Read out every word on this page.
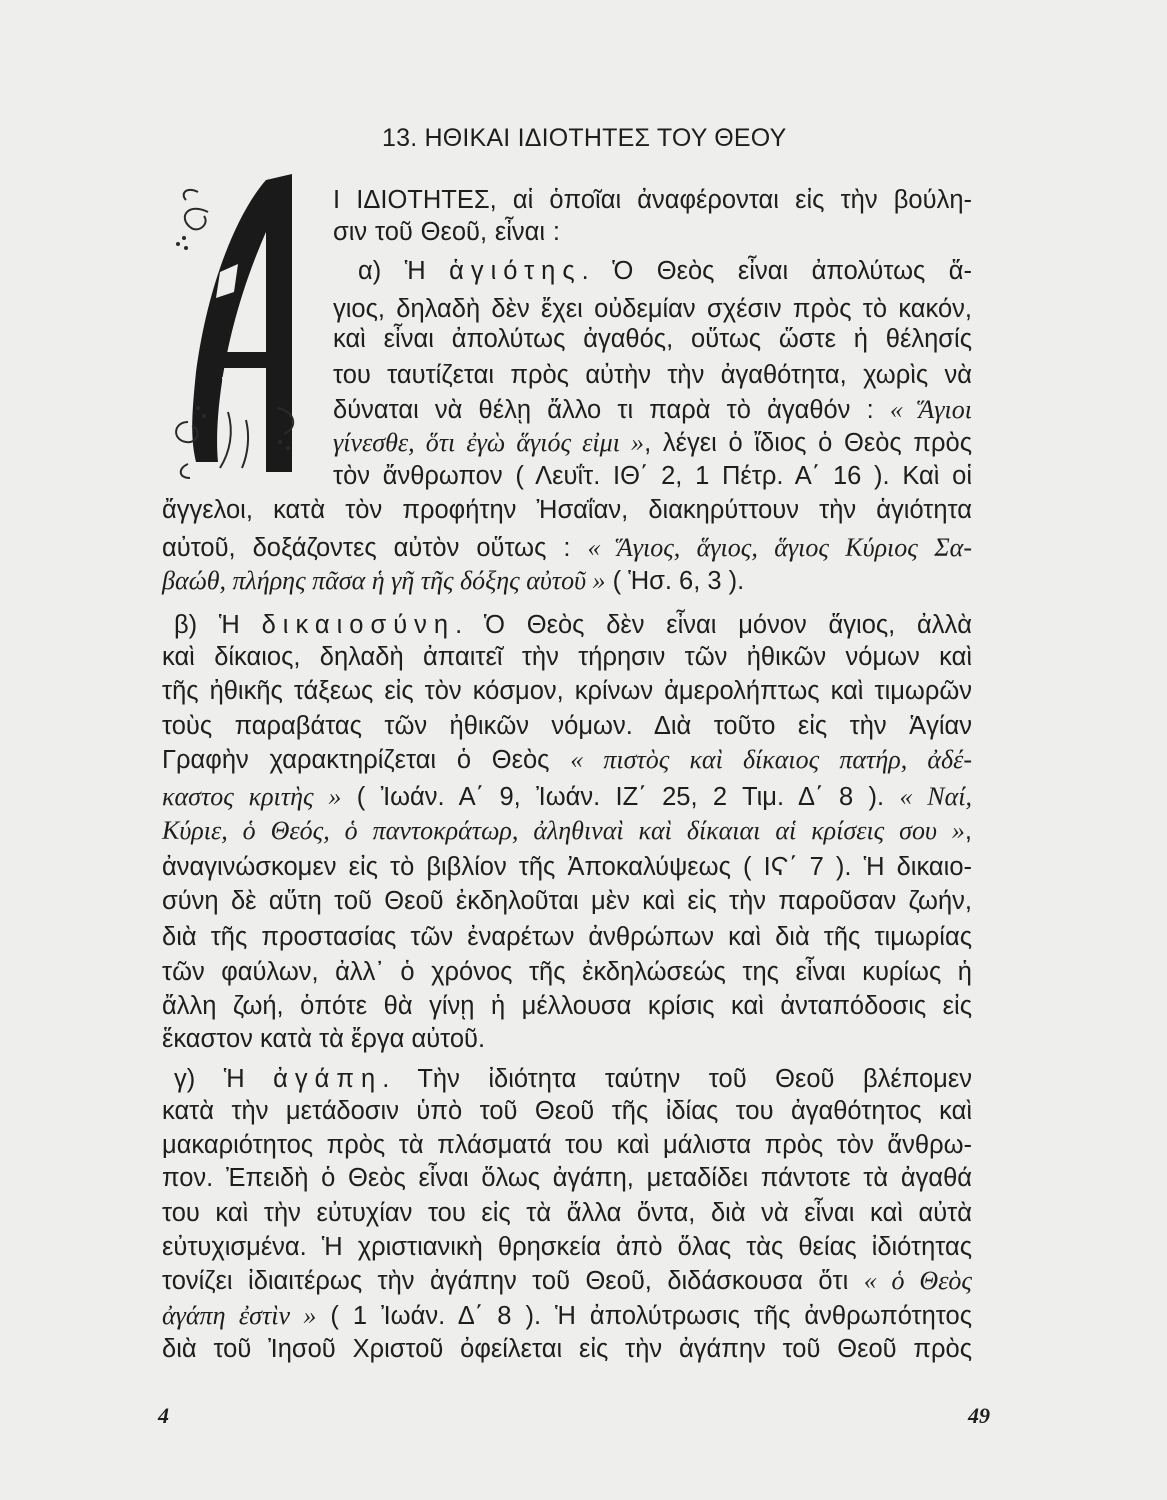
13. ΗΘΙΚΑΙ ΙΔΙΟΤΗΤΕΣ ΤΟΥ ΘΕΟΥ
Ι ΙΔΙΟΤΗΤΕΣ, αἱ ὁποῖαι ἀναφέρονται εἰς τὴν βούλη-
σιν τοῦ Θεοῦ, εἶναι :
α) Ἡ ἁγιότης. Ὁ Θεὸς εἶναι ἀπολύτως ἅ-
γιος, δηλαδὴ δὲν ἔχει οὐδεμίαν σχέσιν πρὸς τὸ κακόν,
καὶ εἶναι ἀπολύτως ἀγαθός, οὕτως ὥστε ἡ θέλησίς
του ταυτίζεται πρὸς αὐτὴν τὴν ἀγαθότητα, χωρὶς νὰ
δύναται νὰ θέλῃ ἄλλο τι παρὰ τὸ ἀγαθόν : « Ἅγιοι
γίνεσθε, ὅτι ἐγὼ ἅγιός εἰμι », λέγει ὁ ἴδιος ὁ Θεὸς πρὸς
τὸν ἄνθρωπον ( Λευΐτ. ΙΘ΄ 2, 1 Πέτρ. Α΄ 16 ). Καὶ οἱ
ἄγγελοι, κατὰ τὸν προφήτην Ἠσαΐαν, διακηρύττουν τὴν ἁγιότητα
αὐτοῦ, δοξάζοντες αὐτὸν οὕτως : « Ἅγιος, ἅγιος, ἅγιος Κύριος Σα-
βαώθ, πλήρης πᾶσα ἡ γῆ τῆς δόξης αὐτοῦ » ( Ἡσ. 6, 3 ).
β) Ἡ δικαιοσύνη. Ὁ Θεὸς δὲν εἶναι μόνον ἅγιος, ἀλλὰ
καὶ δίκαιος, δηλαδὴ ἀπαιτεῖ τὴν τήρησιν τῶν ἠθικῶν νόμων καὶ
τῆς ἠθικῆς τάξεως εἰς τὸν κόσμον, κρίνων ἀμερολήπτως καὶ τιμωρῶν
τοὺς παραβάτας τῶν ἠθικῶν νόμων. Διὰ τοῦτο εἰς τὴν Ἁγίαν
Γραφὴν χαρακτηρίζεται ὁ Θεὸς « πιστὸς καὶ δίκαιος πατήρ, ἀδέ-
καστος κριτὴς » ( Ἰωάν. Α΄ 9, Ἰωάν. ΙΖ΄ 25, 2 Τιμ. Δ΄ 8 ). « Ναί,
Κύριε, ὁ Θεός, ὁ παντοκράτωρ, ἀληθιναὶ καὶ δίκαιαι αἱ κρίσεις σου »,
ἀναγινώσκομεν εἰς τὸ βιβλίον τῆς Ἀποκαλύψεως ( ΙϚ΄ 7 ). Ἡ δικαιο-
σύνη δὲ αὕτη τοῦ Θεοῦ ἐκδηλοῦται μὲν καὶ εἰς τὴν παροῦσαν ζωήν,
διὰ τῆς προστασίας τῶν ἐναρέτων ἀνθρώπων καὶ διὰ τῆς τιμωρίας
τῶν φαύλων, ἀλλ᾽ ὁ χρόνος τῆς ἐκδηλώσεώς της εἶναι κυρίως ἡ
ἄλλη ζωή, ὁπότε θὰ γίνῃ ἡ μέλλουσα κρίσις καὶ ἀνταπόδοσις εἰς
ἕκαστον κατὰ τὰ ἔργα αὐτοῦ.
γ) Ἡ ἀγάπη. Τὴν ἰδιότητα ταύτην τοῦ Θεοῦ βλέπομεν
κατὰ τὴν μετάδοσιν ὑπὸ τοῦ Θεοῦ τῆς ἰδίας του ἀγαθότητος καὶ
μακαριότητος πρὸς τὰ πλάσματά του καὶ μάλιστα πρὸς τὸν ἄνθρω-
πον. Ἐπειδὴ ὁ Θεὸς εἶναι ὅλως ἀγάπη, μεταδίδει πάντοτε τὰ ἀγαθά
του καὶ τὴν εὐτυχίαν του εἰς τὰ ἄλλα ὄντα, διὰ νὰ εἶναι καὶ αὐτὰ
εὐτυχισμένα. Ἡ χριστιανικὴ θρησκεία ἀπὸ ὅλας τὰς θείας ἰδιότητας
τονίζει ἰδιαιτέρως τὴν ἀγάπην τοῦ Θεοῦ, διδάσκουσα ὅτι « ὁ Θεὸς
ἀγάπη ἐστὶν » ( 1 Ἰωάν. Δ΄ 8 ). Ἡ ἀπολύτρωσις τῆς ἀνθρωπότητος
διὰ τοῦ Ἰησοῦ Χριστοῦ ὀφείλεται εἰς τὴν ἀγάπην τοῦ Θεοῦ πρὸς
4	49
